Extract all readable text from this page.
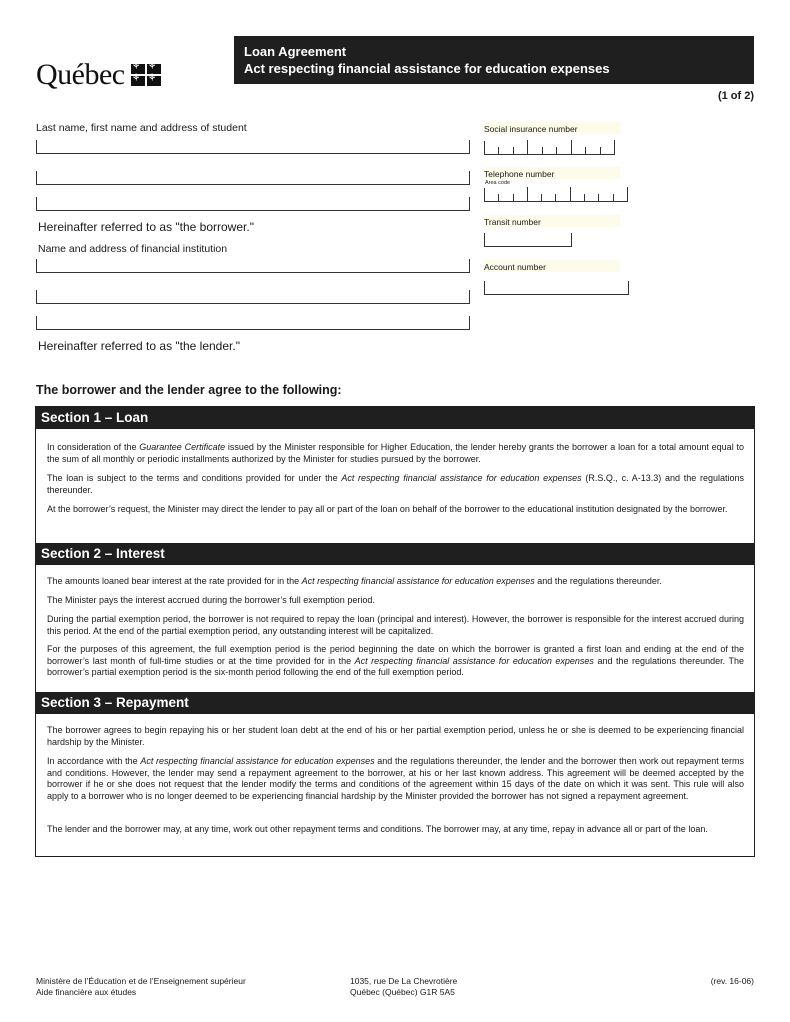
Québec
⚘
⚘
⚘
⚘
Loan Agreement
Act respecting financial assistance for education expenses
(1 of 2)
Last name, first name and address of student
Hereinafter referred to as "the borrower."
Name and address of financial institution
Hereinafter referred to as "the lender."
Social insurance number
Telephone number
Area code
Transit number
Account number
The borrower and the lender agree to the following:
Section 1 – Loan
In consideration of the Guarantee Certificate issued by the Minister responsible for Higher Education, the lender hereby grants the borrower a loan for a total amount equal to the sum of all monthly or periodic installments authorized by the Minister for studies pursued by the borrower.
The loan is subject to the terms and conditions provided for under the Act respecting financial assistance for education expenses (R.S.Q., c. A-13.3) and the regulations thereunder.
At the borrower’s request, the Minister may direct the lender to pay all or part of the loan on behalf of the borrower to the educational institution designated by the borrower.
Section 2 – Interest
The amounts loaned bear interest at the rate provided for in the Act respecting financial assistance for education expenses and the regulations thereunder.
The Minister pays the interest accrued during the borrower’s full exemption period.
During the partial exemption period, the borrower is not required to repay the loan (principal and interest). However, the borrower is responsible for the interest accrued during this period. At the end of the partial exemption period, any outstanding interest will be capitalized.
For the purposes of this agreement, the full exemption period is the period beginning the date on which the borrower is granted a first loan and ending at the end of the borrower’s last month of full-time studies or at the time provided for in the Act respecting financial assistance for education expenses and the regulations thereunder. The borrower’s partial exemption period is the six-month period following the end of the full exemption period.
Section 3 – Repayment
The borrower agrees to begin repaying his or her student loan debt at the end of his or her partial exemption period, unless he or she is deemed to be experiencing financial hardship by the Minister.
In accordance with the Act respecting financial assistance for education expenses and the regulations thereunder, the lender and the borrower then work out repayment terms and conditions. However, the lender may send a repayment agreement to the borrower, at his or her last known address. This agreement will be deemed accepted by the borrower if he or she does not request that the lender modify the terms and conditions of the agreement within 15 days of the date on which it was sent. This rule will also apply to a borrower who is no longer deemed to be experiencing financial hardship by the Minister provided the borrower has not signed a repayment agreement.
The lender and the borrower may, at any time, work out other repayment terms and conditions. The borrower may, at any time, repay in advance all or part of the loan.
Ministère de l’Éducation et de l’Enseignement supérieur
Aide financière aux études
1035, rue De La Chevrotière
Québec (Québec) G1R 5A5
(rev. 16-06)
